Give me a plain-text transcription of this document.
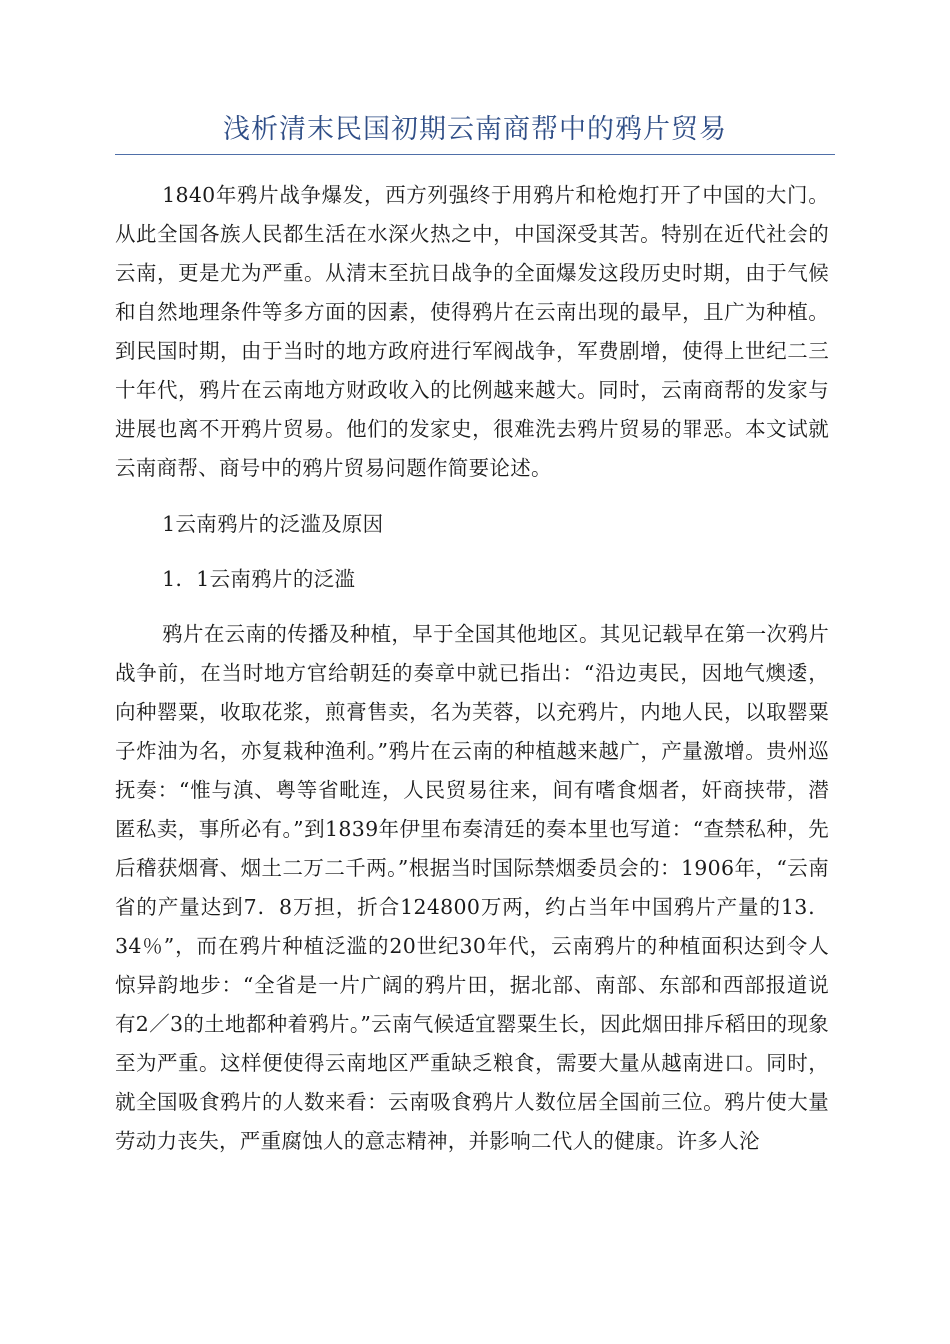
浅析清末民国初期云南商帮中的鸦片贸易

1840年鸦片战争爆发，西方列强终于用鸦片和枪炮打开了中国的大门。从此全国各族人民都生活在水深火热之中，中国深受其苦。特别在近代社会的云南，更是尤为严重。从清末至抗日战争的全面爆发这段历史时期，由于气候和自然地理条件等多方面的因素，使得鸦片在云南出现的最早，且广为种植。到民国时期，由于当时的地方政府进行军阀战争，军费剧增，使得上世纪二三十年代，鸦片在云南地方财政收入的比例越来越大。同时，云南商帮的发家与进展也离不开鸦片贸易。他们的发家史，很难洗去鸦片贸易的罪恶。本文试就云南商帮、商号中的鸦片贸易问题作简要论述。

1云南鸦片的泛滥及原因

1．1云南鸦片的泛滥

鸦片在云南的传播及种植，早于全国其他地区。其见记载早在第一次鸦片战争前，在当时地方官给朝廷的奏章中就已指出：“沿边夷民，因地气燠逶，向种罂粟，收取花浆，煎膏售卖，名为芙蓉，以充鸦片，内地人民，以取罂粟子炸油为名，亦复栽种渔利。”鸦片在云南的种植越来越广，产量激增。贵州巡抚奏：“惟与滇、粤等省毗连，人民贸易往来，间有嗜食烟者，奸商挟带，潜匿私卖，事所必有。”到1839年伊里布奏清廷的奏本里也写道：“查禁私种，先后稽获烟膏、烟土二万二千两。”根据当时国际禁烟委员会的：1906年，“云南省的产量达到7．8万担，折合124800万两，约占当年中国鸦片产量的13．34％”，而在鸦片种植泛滥的20世纪30年代，云南鸦片的种植面积达到令人惊异韵地步：“全省是一片广阔的鸦片田，据北部、南部、东部和西部报道说有2／3的土地都种着鸦片。”云南气候适宜罂粟生长，因此烟田排斥稻田的现象至为严重。这样便使得云南地区严重缺乏粮食，需要大量从越南进口。同时，就全国吸食鸦片的人数来看：云南吸食鸦片人数位居全国前三位。鸦片使大量劳动力丧失，严重腐蚀人的意志精神，并影响二代人的健康。许多人沦
